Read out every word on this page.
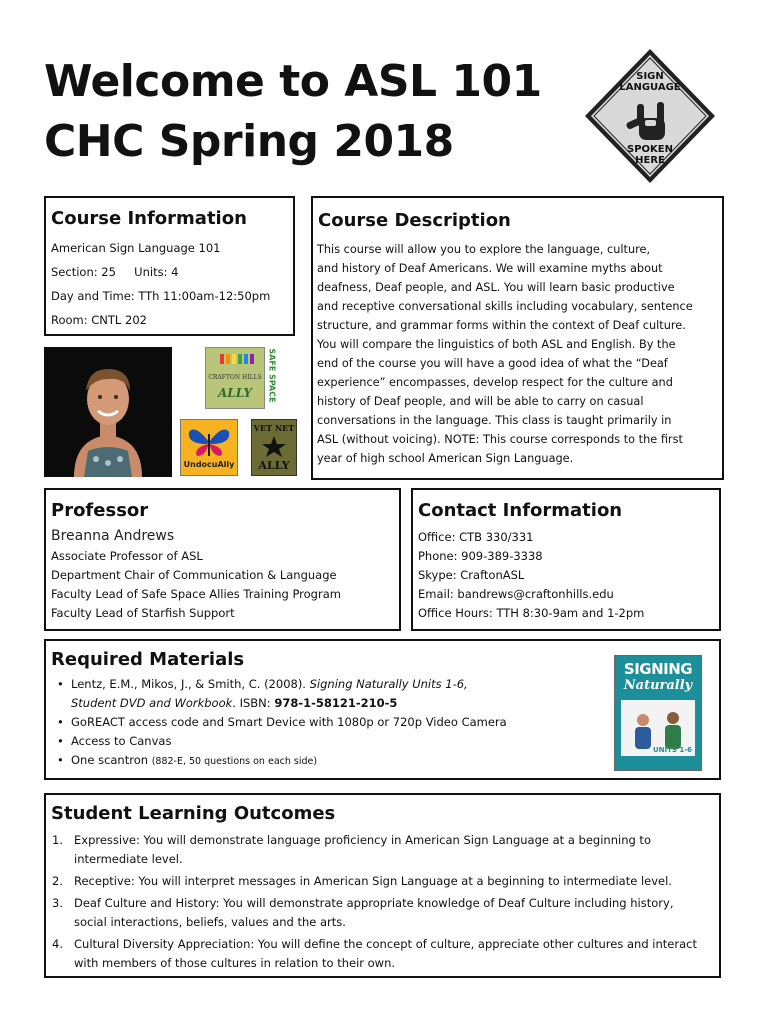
Welcome to ASL 101
CHC Spring 2018
SIGN
LANGUAGE
SPOKEN
HERE
Course Information
American Sign Language 101
Section: 25     Units: 4
Day and Time: TTh 11:00am-12:50pm
Room: CNTL 202
Course Description
This course will allow you to explore the language, culture,
and history of Deaf Americans. We will examine myths about
deafness, Deaf people, and ASL. You will learn basic productive
and receptive conversational skills including vocabulary, sentence
structure, and grammar forms within the context of Deaf culture.
You will compare the linguistics of both ASL and English. By the
end of the course you will have a good idea of what the “Deaf
experience” encompasses, develop respect for the culture and
history of Deaf people, and will be able to carry on casual
conversations in the language. This class is taught primarily in
ASL (without voicing). NOTE: This course corresponds to the first
year of high school American Sign Language.
CRAFTON HILLS
ALLY	SAFE SPACE
UndocuAlly
VET NET
ALLY
Professor
Breanna Andrews
Associate Professor of ASL
Department Chair of Communication & Language
Faculty Lead of Safe Space Allies Training Program
Faculty Lead of Starfish Support
Contact Information
Office: CTB 330/331
Phone: 909-389-3338
Skype: CraftonASL
Email: bandrews@craftonhills.edu
Office Hours: TTH 8:30-9am and 1-2pm
Required Materials
• Lentz, E.M., Mikos, J., & Smith, C. (2008). Signing Naturally Units 1-6,
Student DVD and Workbook. ISBN: 978-1-58121-210-5
• GoREACT access code and Smart Device with 1080p or 720p Video Camera
• Access to Canvas
• One scantron (882-E, 50 questions on each side)
SIGNING
Naturally
UNITS 1-6
Student Learning Outcomes
1. Expressive: You will demonstrate language proficiency in American Sign Language at a beginning to intermediate level.
2. Receptive: You will interpret messages in American Sign Language at a beginning to intermediate level.
3. Deaf Culture and History: You will demonstrate appropriate knowledge of Deaf Culture including history, social interactions, beliefs, values and the arts.
4. Cultural Diversity Appreciation: You will define the concept of culture, appreciate other cultures and interact with members of those cultures in relation to their own.
